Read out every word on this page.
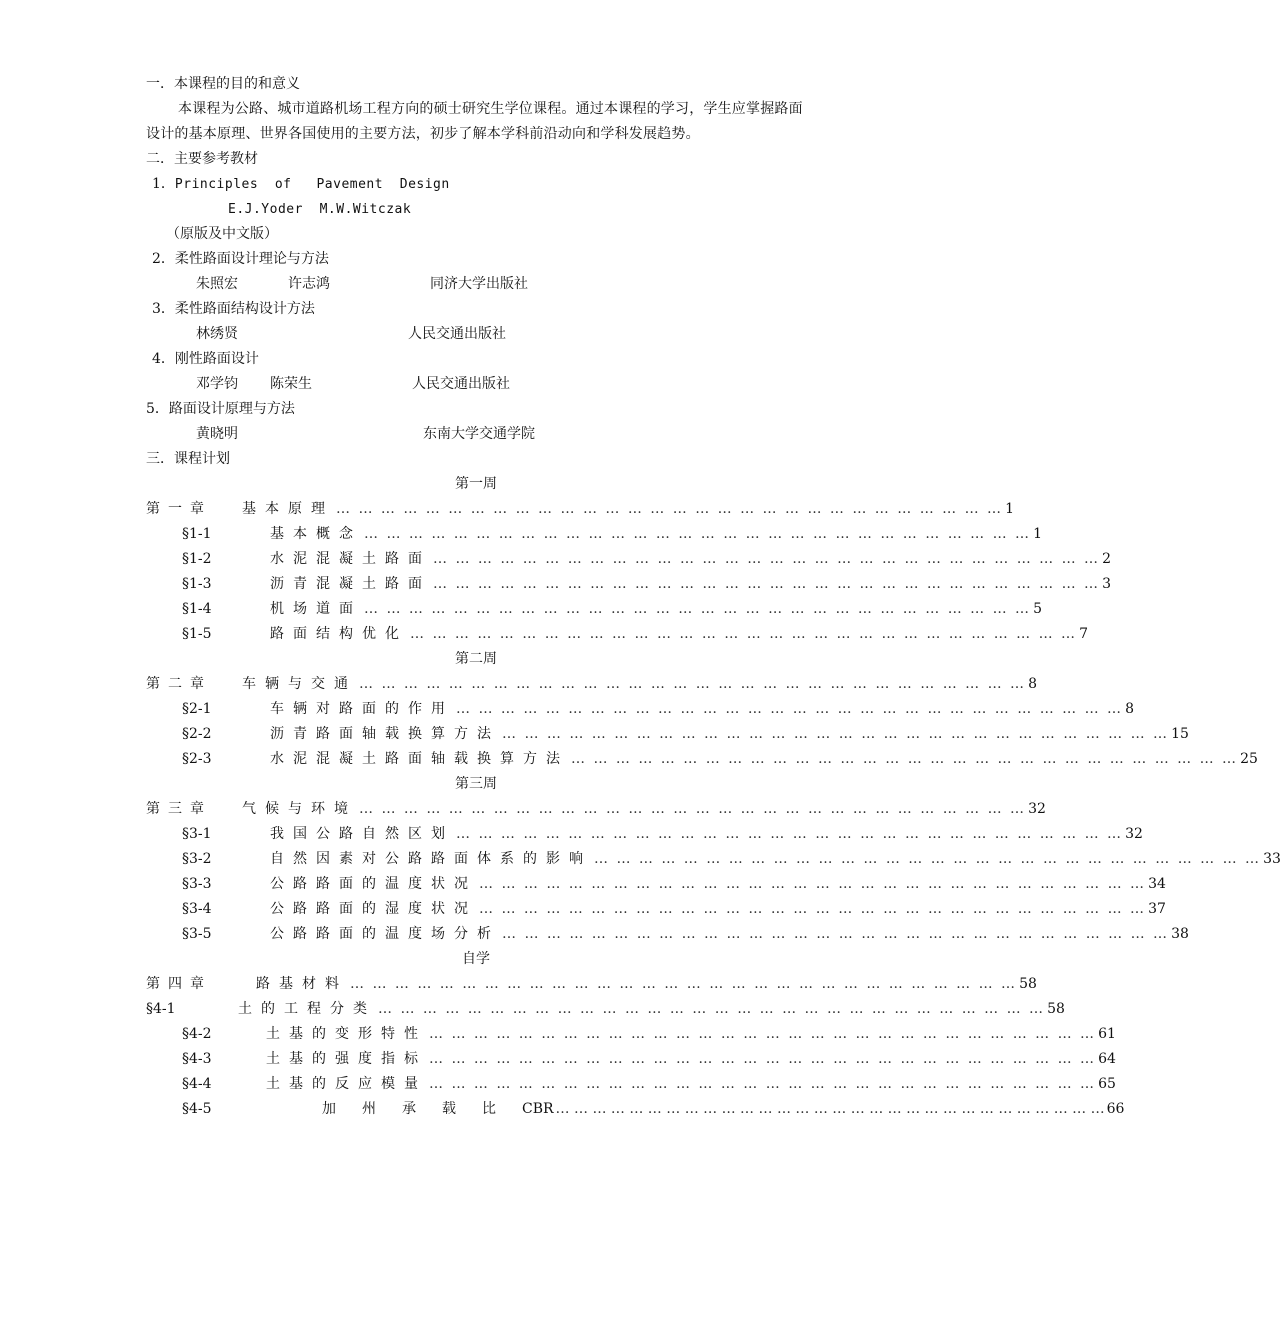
一．本课程的目的和意义
本课程为公路、城市道路机场工程方向的硕士研究生学位课程。通过本课程的学习，学生应掌握路面设计的基本原理、世界各国使用的主要方法，初步了解本学科前沿动向和学科发展趋势。
二．主要参考教材
1．Principles  of   Pavement  Design
E.J.Yoder  M.W.Witczak
（原版及中文版）
2．柔性路面设计理论与方法
朱照宏	许志鸿	同济大学出版社
3．柔性路面结构设计方法
林绣贤	人民交通出版社
4．刚性路面设计
邓学钧 陈荣生	人民交通出版社
5．路面设计原理与方法
黄晓明	东南大学交通学院
三．课程计划
第一周
第一章	基本原理 … … … … … … … … … … … … … … … … … … … … … … … … … … … … … … 1
§1-1	基本概念 … … … … … … … … … … … … … … … … … … … … … … … … … … … … … … 1
§1-2	水泥混凝土路面 … … … … … … … … … … … … … … … … … … … … … … … … … … … … … … 2
§1-3	沥青混凝土路面 … … … … … … … … … … … … … … … … … … … … … … … … … … … … … … 3
§1-4	机场道面 … … … … … … … … … … … … … … … … … … … … … … … … … … … … … … 5
§1-5	路面结构优化 … … … … … … … … … … … … … … … … … … … … … … … … … … … … … … 7
第二周
第二章	车辆与交通 … … … … … … … … … … … … … … … … … … … … … … … … … … … … … … 8
§2-1	车辆对路面的作用 … … … … … … … … … … … … … … … … … … … … … … … … … … … … … … 8
§2-2	沥青路面轴载换算方法 … … … … … … … … … … … … … … … … … … … … … … … … … … … … … … 15
§2-3	水泥混凝土路面轴载换算方法 … … … … … … … … … … … … … … … … … … … … … … … … … … … … … … 25
第三周
第三章	气候与环境 … … … … … … … … … … … … … … … … … … … … … … … … … … … … … … 32
§3-1	我国公路自然区划 … … … … … … … … … … … … … … … … … … … … … … … … … … … … … … 32
§3-2	自然因素对公路路面体系的影响 … … … … … … … … … … … … … … … … … … … … … … … … … … … … … … 33
§3-3	公路路面的温度状况 … … … … … … … … … … … … … … … … … … … … … … … … … … … … … … 34
§3-4	公路路面的湿度状况 … … … … … … … … … … … … … … … … … … … … … … … … … … … … … … 37
§3-5	公路路面的温度场分析 … … … … … … … … … … … … … … … … … … … … … … … … … … … … … … 38
自学
第四章	路基材料 … … … … … … … … … … … … … … … … … … … … … … … … … … … … … … 58
§4-1	土的工程分类 … … … … … … … … … … … … … … … … … … … … … … … … … … … … … … 58
§4-2	土基的变形特性 … … … … … … … … … … … … … … … … … … … … … … … … … … … … … … 61
§4-3	土基的强度指标 … … … … … … … … … … … … … … … … … … … … … … … … … … … … … … 64
§4-4	土基的反应模量 … … … … … … … … … … … … … … … … … … … … … … … … … … … … … … 65
§4-5	加州承载比 CBR … … … … … … … … … … … … … … … … … … … … … … … … … … … … … … 66
